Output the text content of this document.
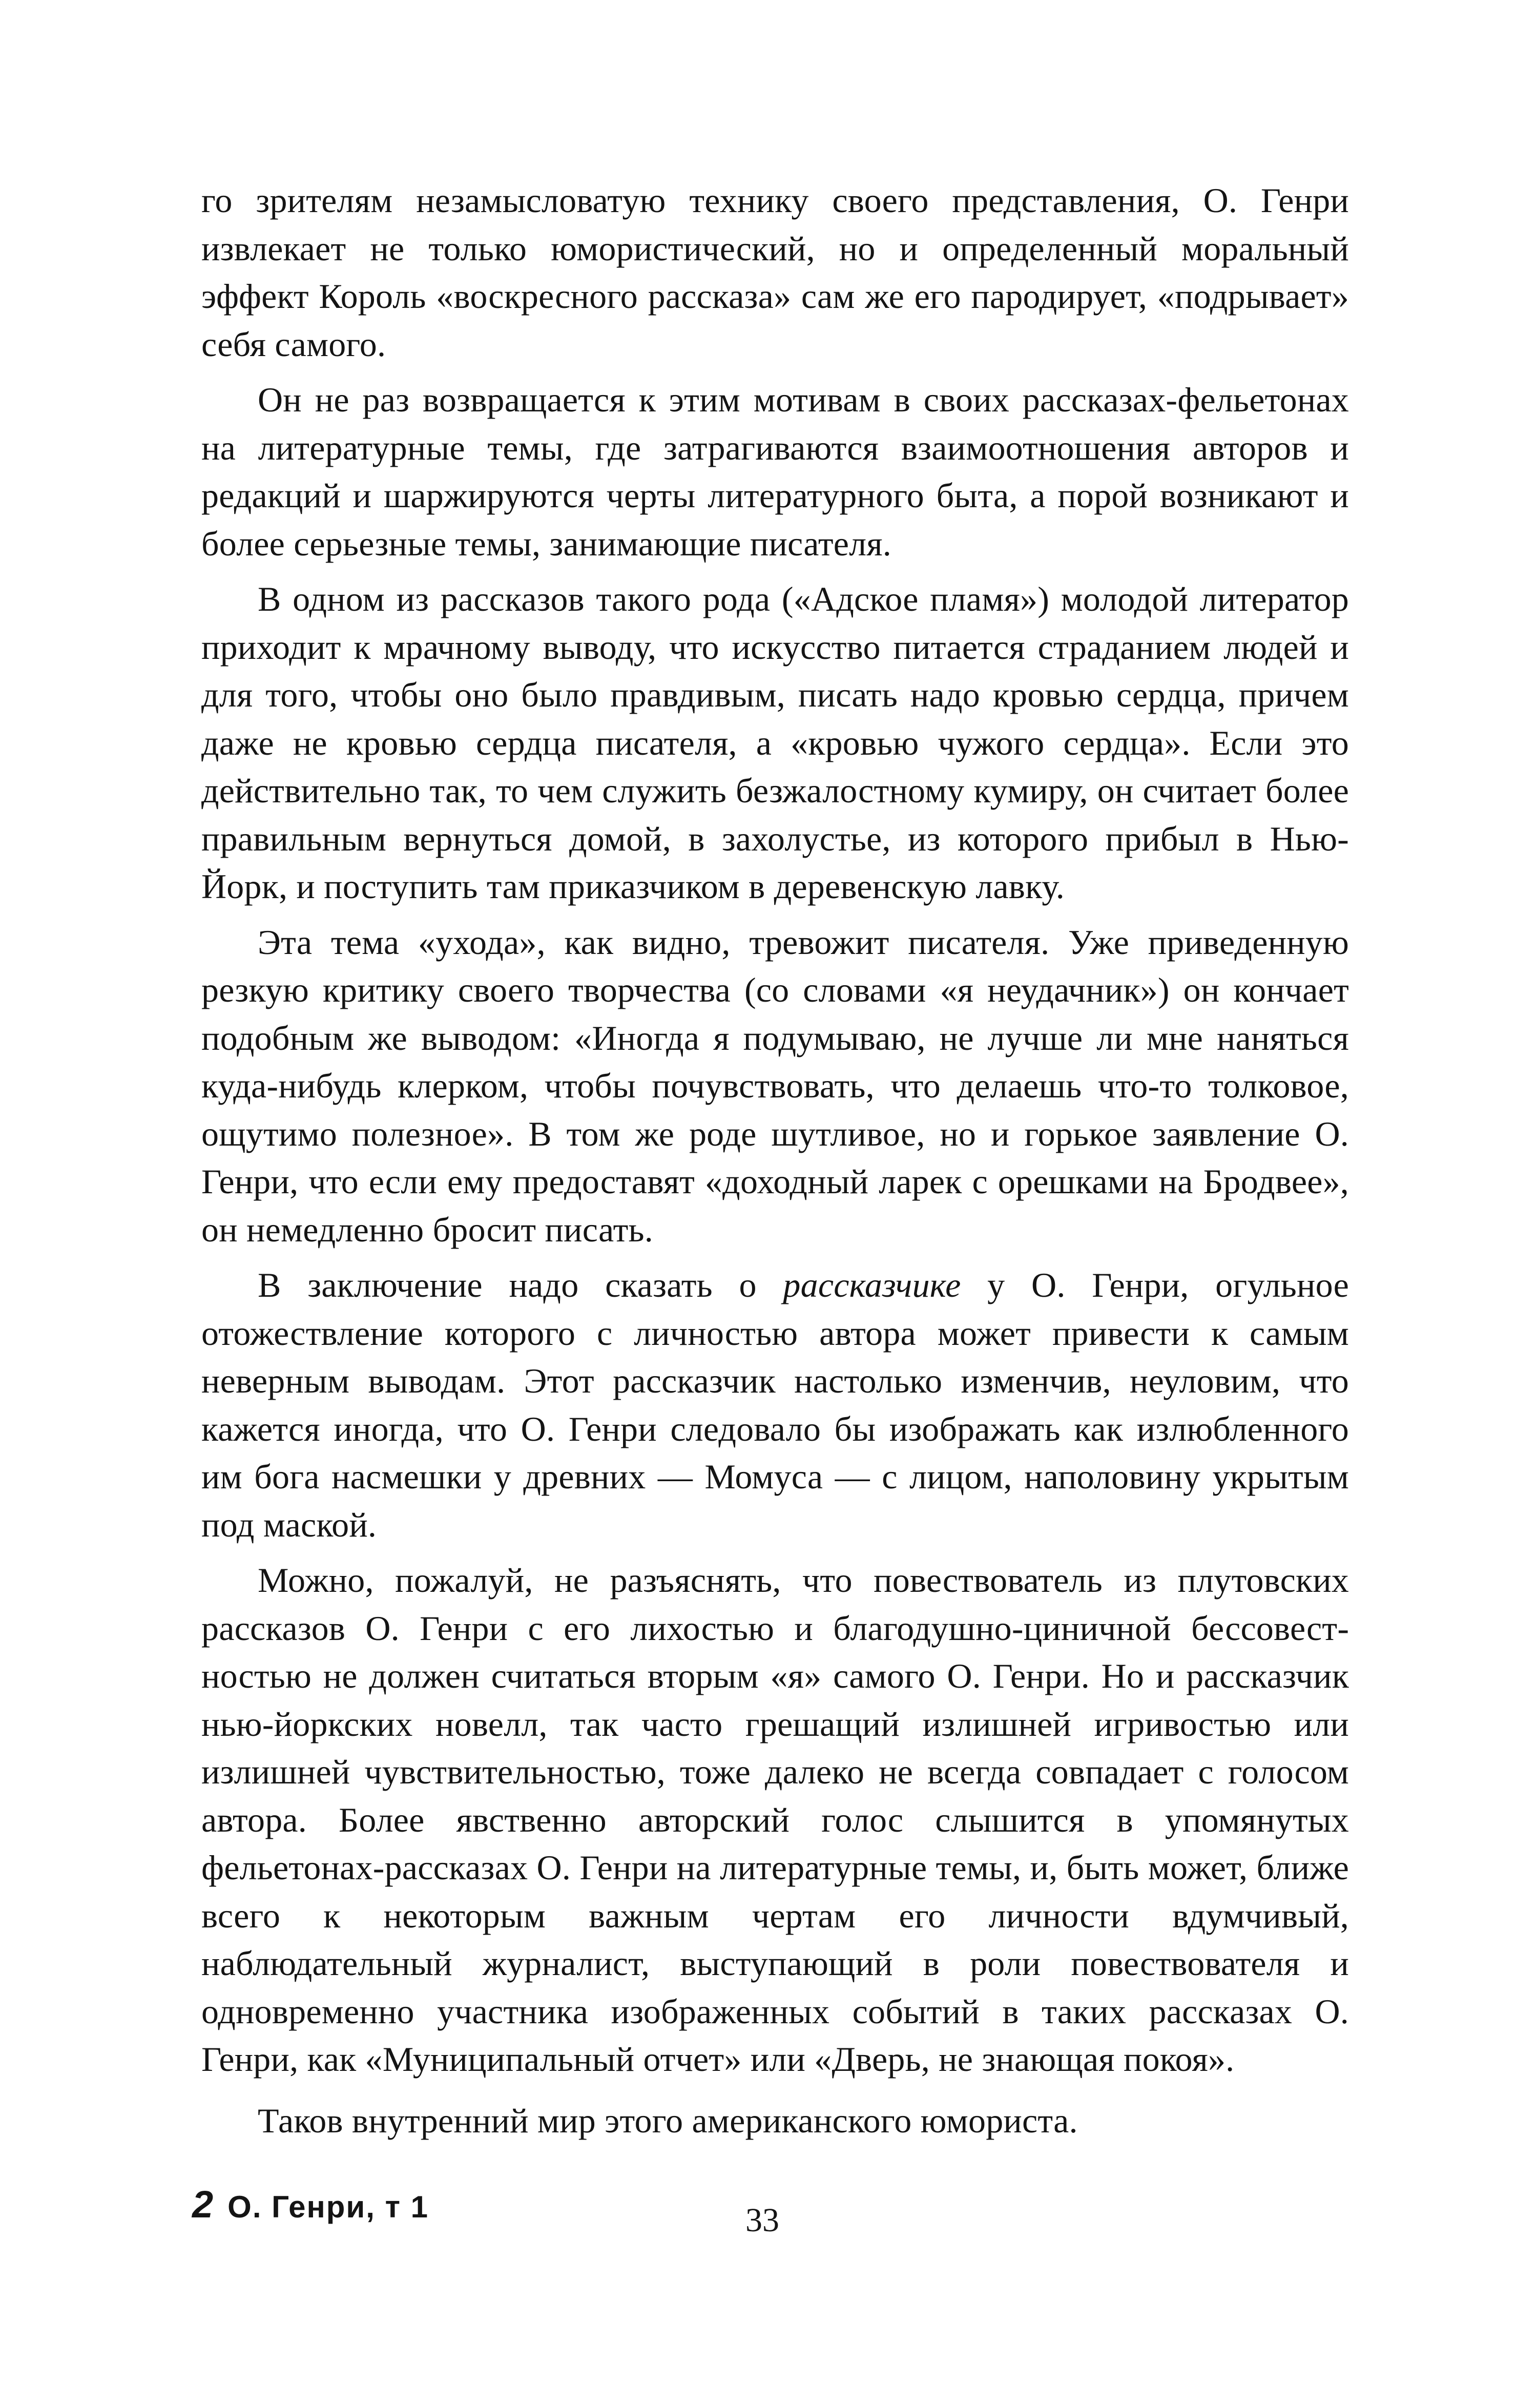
го зрителям незамысловатую технику своего представления, О. Генри извлекает не только юмористический, но и определенный моральный эффект Король «воскресного рассказа» сам же его пародирует, «подрывает» себя самого.

Он не раз возвращается к этим мотивам в своих рассказах-фельетонах на литературные темы, где затрагиваются взаимоотношения авторов и редакций и шаржируются черты литературного быта, а порой возникают и более серьезные темы, занимающие писателя.

В одном из рассказов такого рода («Адское пламя») молодой литератор приходит к мрачному выводу, что искусство питается страданием людей и для того, чтобы оно было правдивым, писать надо кровью сердца, причем даже не кровью сердца писателя, а «кровью чужого сердца». Если это действительно так, то чем служить безжалостному кумиру, он считает более правильным вернуться домой, в захолустье, из которого прибыл в Нью-Йорк, и поступить там приказчиком в деревенскую лавку.

Эта тема «ухода», как видно, тревожит писателя. Уже приведенную резкую критику своего творчества (со словами «я неудачник») он кончает подобным же выводом: «Иногда я подумываю, не лучше ли мне наняться куда-нибудь клерком, чтобы почувствовать, что делаешь что-то толковое, ощутимо полезное». В том же роде шутливое, но и горькое заявление О. Генри, что если ему предоставят «доходный ларек с орешками на Бродвее», он немедленно бросит писать.

В заключение надо сказать о рассказчике у О. Генри, огульное отожествление которого с личностью автора может привести к самым неверным выводам. Этот рассказчик настолько изменчив, неуловим, что кажется иногда, что О. Генри следовало бы изображать как излюбленного им бога насмешки у древних — Момуса — с лицом, наполовину укрытым под маской.

Можно, пожалуй, не разъяснять, что повествователь из плутовских рассказов О. Генри с его лихостью и благодушно-циничной бессовестностью не должен считаться вторым «я» самого О. Генри. Но и рассказчик нью-йоркских новелл, так часто грешащий излишней игривостью или излишней чувствительностью, тоже далеко не всегда совпадает с голосом автора. Более явственно авторский голос слышится в упомянутых фельетонах-рассказах О. Генри на литературные темы, и, быть может, ближе всего к некоторым важным чертам его личности вдумчивый, наблюдательный журналист, выступающий в роли повествователя и одновременно участника изображенных событий в таких рассказах О. Генри, как «Муниципальный отчет» или «Дверь, не знающая покоя».

Таков внутренний мир этого американского юмориста.

2 О. Генри, т 1	33
